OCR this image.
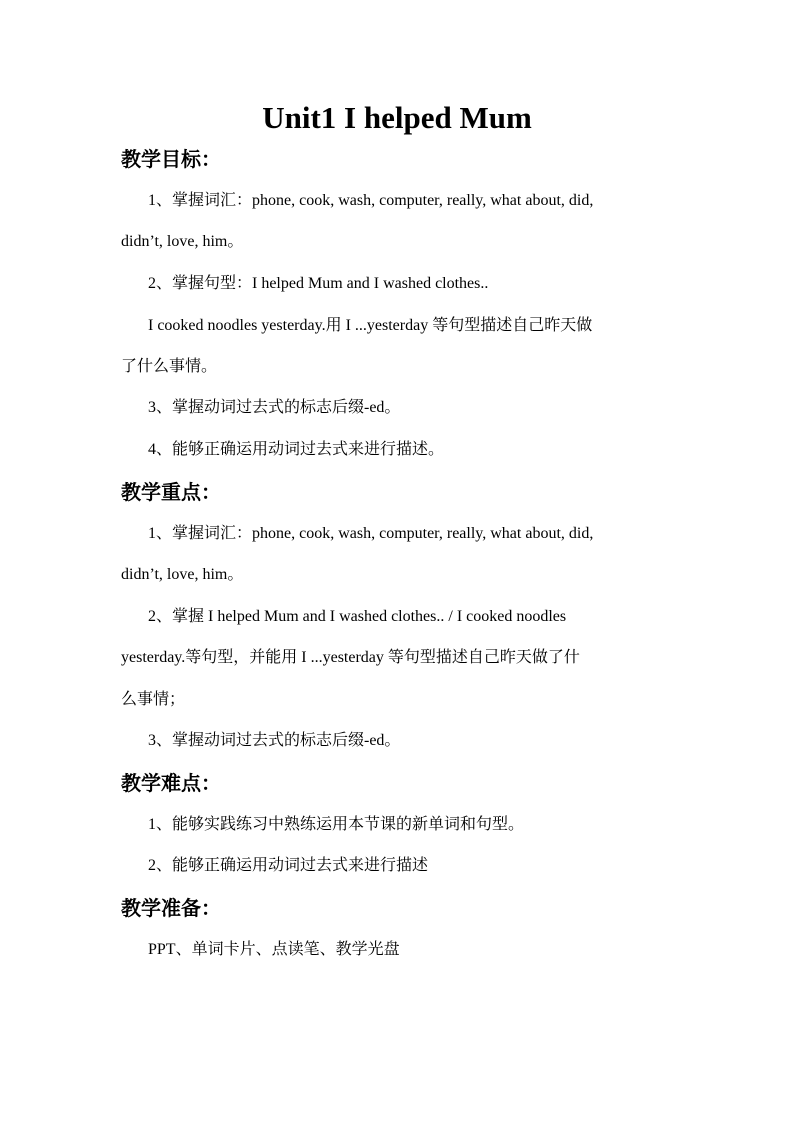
Unit1 I helped Mum
教学目标：
1、掌握词汇：phone, cook, wash, computer, really, what about, did,
didn’t, love, him。
2、掌握句型：I helped Mum and I washed clothes..
I cooked noodles yesterday.用 I ...yesterday 等句型描述自己昨天做
了什么事情。
3、掌握动词过去式的标志后缀-ed。
4、能够正确运用动词过去式来进行描述。
教学重点：
1、掌握词汇：phone, cook, wash, computer, really, what about, did,
didn’t, love, him。
2、掌握 I helped Mum and I washed clothes.. / I cooked noodles
yesterday.等句型，并能用 I ...yesterday 等句型描述自己昨天做了什
么事情；
3、掌握动词过去式的标志后缀-ed。
教学难点：
1、能够实践练习中熟练运用本节课的新单词和句型。
2、能够正确运用动词过去式来进行描述
教学准备：
PPT、单词卡片、点读笔、教学光盘
